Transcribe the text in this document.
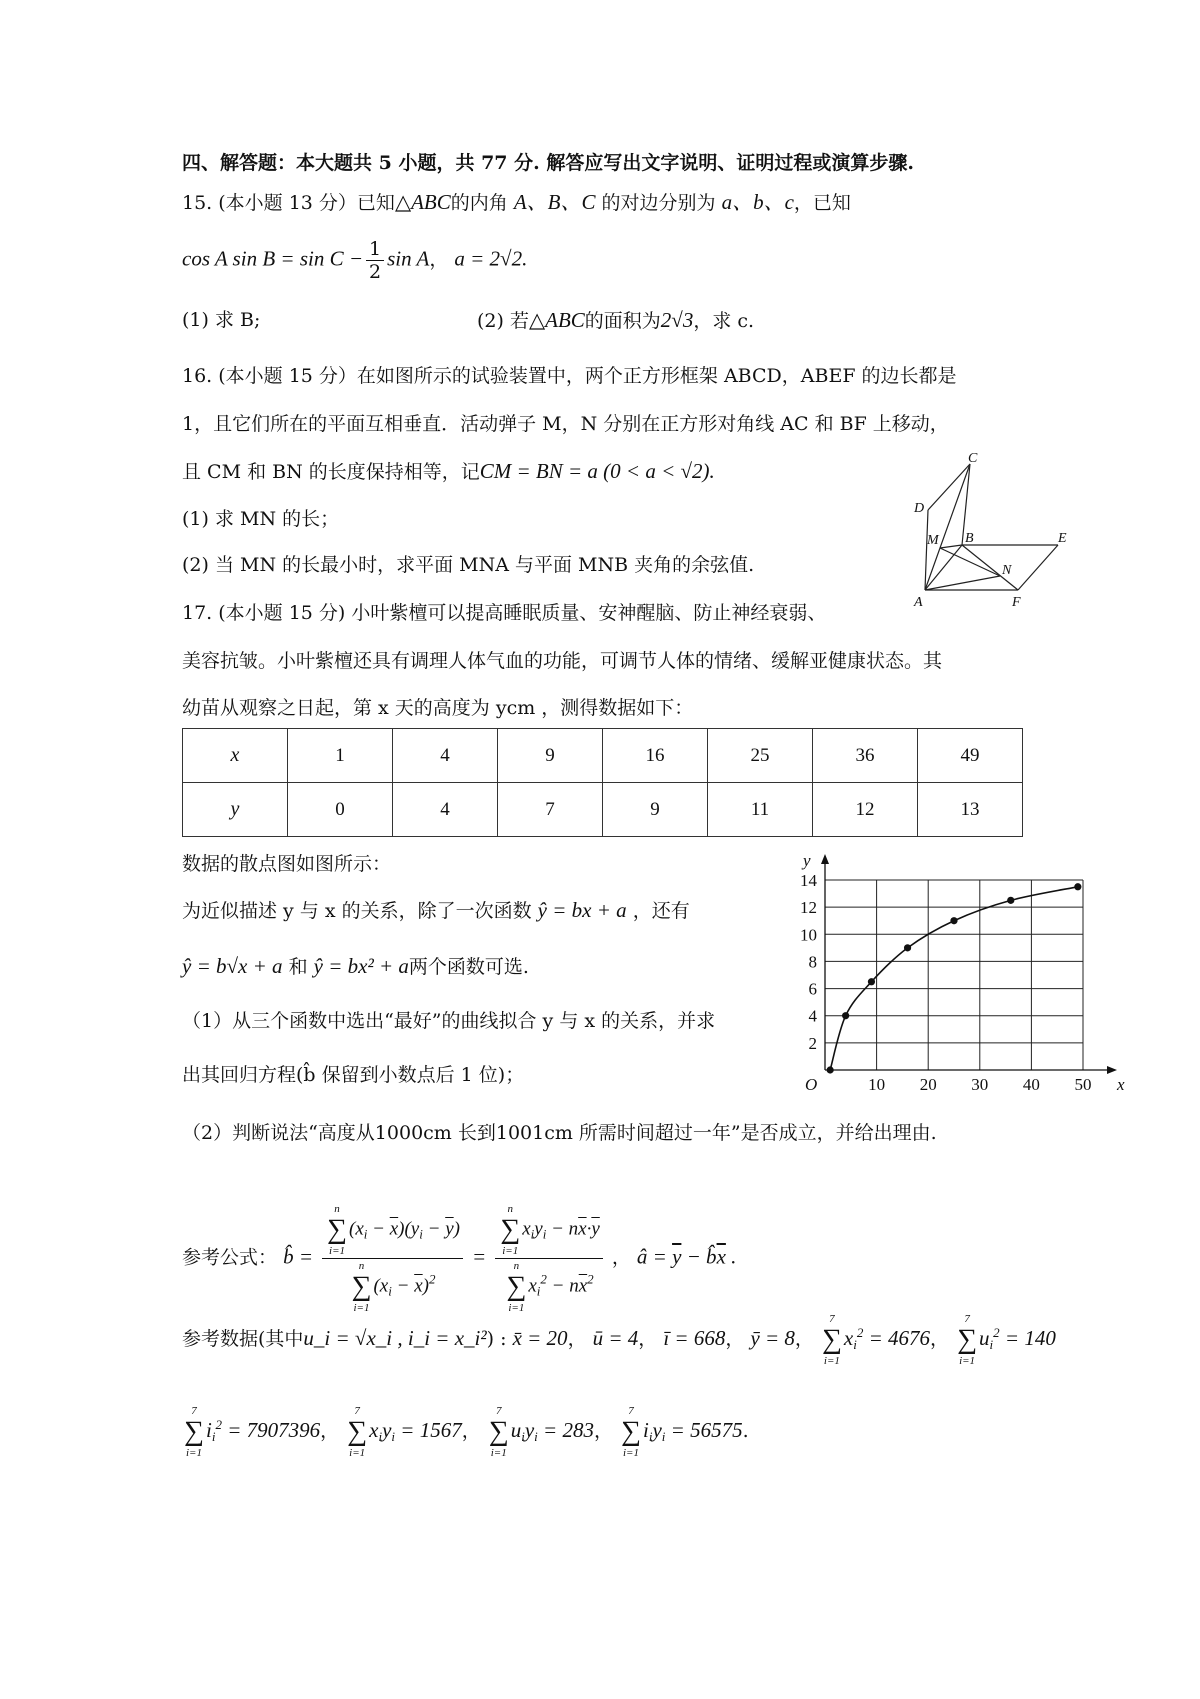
四、解答题：本大题共 5 小题，共 77 分. 解答应写出文字说明、证明过程或演算步骤.
15. (本小题 13 分）已知△ABC的内角 A、B、C 的对边分别为 a、b、c，已知
cos A $\sin B = \sin C - \frac{1}{2}$ sin A， a = 2√2.
(1) 求 B;	(2) 若△ABC的面积为2√3，求 c.
16. (本小题 15 分）在如图所示的试验装置中，两个正方形框架 ABCD，ABEF 的边长都是
1，且它们所在的平面互相垂直．活动弹子 M，N 分别在正方形对角线 AC 和 BF 上移动，
且 CM 和 BN 的长度保持相等，记CM = BN = a (0 < a < √2).
(1) 求 MN 的长；
(2) 当 MN 的长最小时，求平面 MNA 与平面 MNB 夹角的余弦值.
C
D
M B	E
N
A	F
17. (本小题 15 分) 小叶紫檀可以提高睡眠质量、安神醒脑、防止神经衰弱、
美容抗皱。小叶紫檀还具有调理人体气血的功能，可调节人体的情绪、缓解亚健康状态。其
幼苗从观察之日起，第 x 天的高度为 ycm ，测得数据如下：
x	1	4	9	16	25	36	49
y	0	4	7	9	11	12	13
数据的散点图如图所示：
为近似描述 y 与 x 的关系，除了一次函数 ŷ = bx + a ，还有
ŷ = b√x + a 和 ŷ = bx² + a两个函数可选.
（1）从三个函数中选出“最好”的曲线拟合 y 与 x 的关系，并求
出其回归方程(b̂ 保留到小数点后 1 位)；
（2）判断说法“高度从1000cm 长到1001cm 所需时间超过一年”是否成立，并给出理由.
10 20 30 40 50
2
4
6
8
10
12
14
O	x
y
参考公式： b̂ = n
∑
i=1
$(x_i - \overline{x})(y_i - \overline{y})$
n
∑
i=1
$(x_i - \overline{x})^2 = n$
∑
i=1
$x_iy_i - n\overline{x}\cdot\overline{y}$
n
∑
i=1
$x_i^2 - n\overline{x}^2$ ， â = $\overline{y}$ − $b̂\overline{x}$ .
参考数据(其中u_i = √x_i , i_i = x_i²) : x̄ = 20， ū = 4， ī = 668， ȳ = 8，
7
∑
i=1
$x_i^2 = 4676$，
7
∑
i=1
$u_i^2 = 140$
7
∑
i=1
$i_i^2 = 7907396$，
7
∑
i=1
$x_iy_i = 1567$，
7
∑
i=1
$u_iy_i = 283$，
7
∑
i=1
$i_iy_i = 56575$.
